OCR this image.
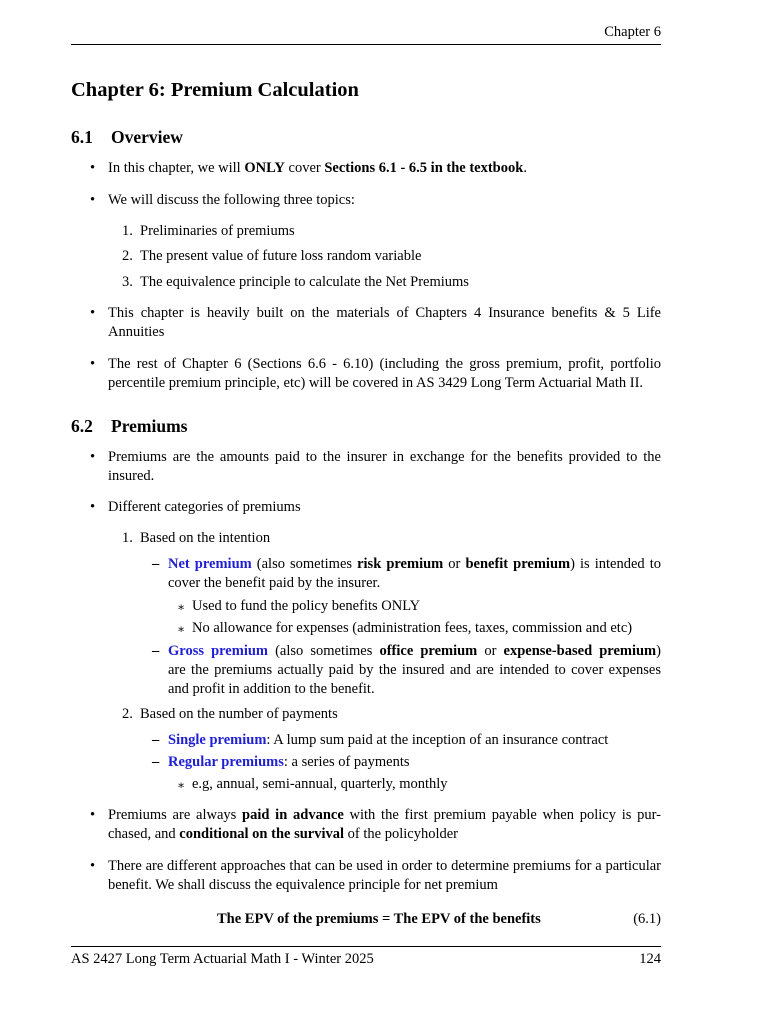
Chapter 6
Chapter 6: Premium Calculation
6.1 Overview
• In this chapter, we will ONLY cover Sections 6.1 - 6.5 in the textbook.
• We will discuss the following three topics:
1. Preliminaries of premiums
2. The present value of future loss random variable
3. The equivalence principle to calculate the Net Premiums
• This chapter is heavily built on the materials of Chapters 4 Insurance benefits & 5 Life
Annuities
• The rest of Chapter 6 (Sections 6.6 - 6.10) (including the gross premium, profit, portfolio
percentile premium principle, etc) will be covered in AS 3429 Long Term Actuarial Math II.
6.2 Premiums
• Premiums are the amounts paid to the insurer in exchange for the benefits provided to the
insured.
• Different categories of premiums
1. Based on the intention
– Net premium (also sometimes risk premium or benefit premium) is intended to
cover the benefit paid by the insurer.
∗ Used to fund the policy benefits ONLY
∗ No allowance for expenses (administration fees, taxes, commission and etc)
– Gross premium (also sometimes office premium or expense-based premium)
are the premiums actually paid by the insured and are intended to cover expenses
and profit in addition to the benefit.
2. Based on the number of payments
– Single premium: A lump sum paid at the inception of an insurance contract
– Regular premiums: a series of payments
∗ e.g, annual, semi-annual, quarterly, monthly
• Premiums are always paid in advance with the first premium payable when policy is pur-
chased, and conditional on the survival of the policyholder
• There are different approaches that can be used in order to determine premiums for a particular
benefit. We shall discuss the equivalence principle for net premium
The EPV of the premiums = The EPV of the benefits	(6.1)
AS 2427 Long Term Actuarial Math I - Winter 2025	124
